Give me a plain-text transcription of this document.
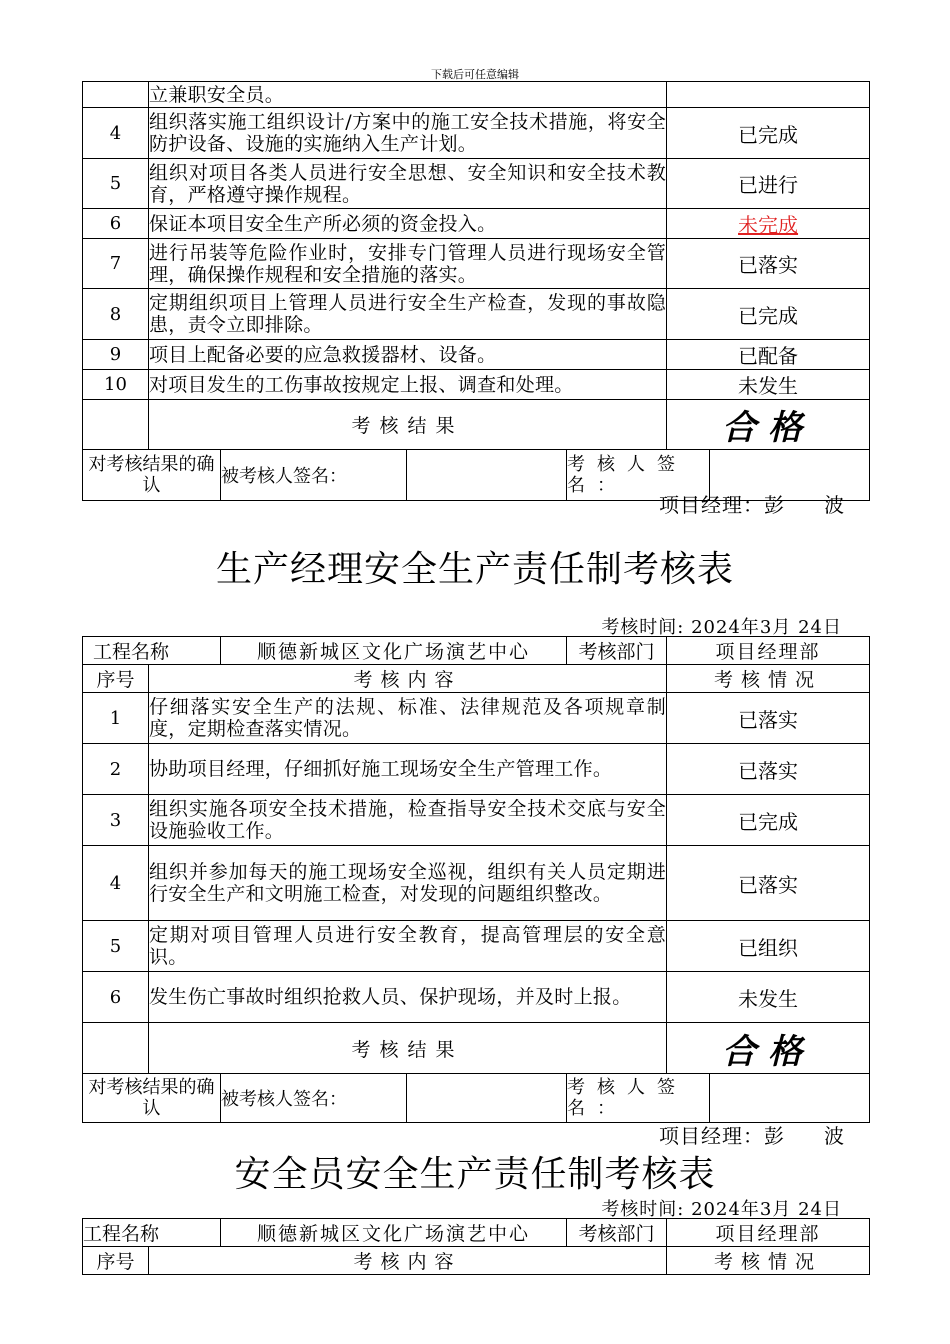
下载后可任意编辑
	立兼职安全员。					
4	组织落实施工组织设计/方案中的施工安全技术措施，将安全防护设备、设施的实施纳入生产计划。				已完成	
5	组织对项目各类人员进行安全思想、安全知识和安全技术教育，严格遵守操作规程。				已进行	
6	保证本项目安全生产所必须的资金投入。				未完成	
7	进行吊装等危险作业时，安排专门管理人员进行现场安全管理，确保操作规程和安全措施的落实。				已落实	
8	定期组织项目上管理人员进行安全生产检查，发现的事故隐患，责令立即排除。				已完成	
9	项目上配备必要的应急救援器材、设备。				已配备	
10	对项目发生的工伤事故按规定上报、调查和处理。				未发生	
	考核结果				合格	
对考核结果的确认		被考核人签名：		考核人签名：		
项目经理：彭　　波
生产经理安全生产责任制考核表
考核时间: 2024年3月 24日
工程名称		顺德新城区文化广场演艺中心		考核部门	项目经理部	
序号	考核内容				考核情况	
1	仔细落实安全生产的法规、标准、法律规范及各项规章制度，定期检查落实情况。				已落实	
2	协助项目经理，仔细抓好施工现场安全生产管理工作。				已落实	
3	组织实施各项安全技术措施，检查指导安全技术交底与安全设施验收工作。				已完成	
4	组织并参加每天的施工现场安全巡视，组织有关人员定期进行安全生产和文明施工检查，对发现的问题组织整改。				已落实	
5	定期对项目管理人员进行安全教育，提高管理层的安全意识。				已组织	
6	发生伤亡事故时组织抢救人员、保护现场，并及时上报。				未发生	
	考核结果				合格	
对考核结果的确认		被考核人签名：		考核人签名：		
项目经理：彭　　波
安全员安全生产责任制考核表
考核时间: 2024年3月 24日
工程名称		顺德新城区文化广场演艺中心	考核部门	项目经理部
序号	考核内容			考核情况
